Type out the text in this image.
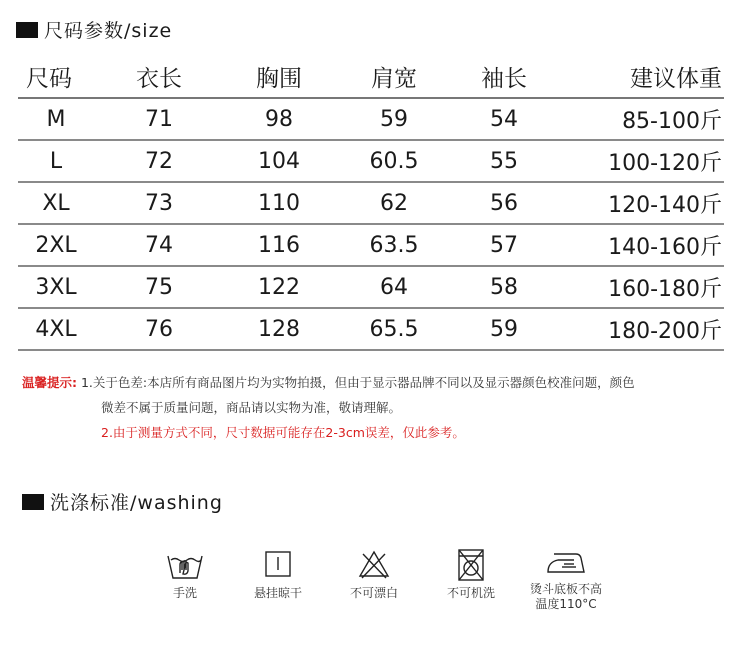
尺码参数/size
尺码	衣长	胸围	肩宽	袖长	建议体重
M	71	98	59	54	85-100斤
L	72	104	60.5	55	100-120斤
XL	73	110	62	56	120-140斤
2XL	74	116	63.5	57	140-160斤
3XL	75	122	64	58	160-180斤
4XL	76	128	65.5	59	180-200斤
温馨提示: 1.关于色差:本店所有商品图片均为实物拍摄，但由于显示器品牌不同以及显示器颜色校准问题，颜色
微差不属于质量问题，商品请以实物为准，敬请理解。
2.由于测量方式不同，尺寸数据可能存在2-3cm误差，仅此参考。
洗涤标准/washing
手洗	悬挂晾干	不可漂白	不可机洗	烫斗底板不高
温度110°C
